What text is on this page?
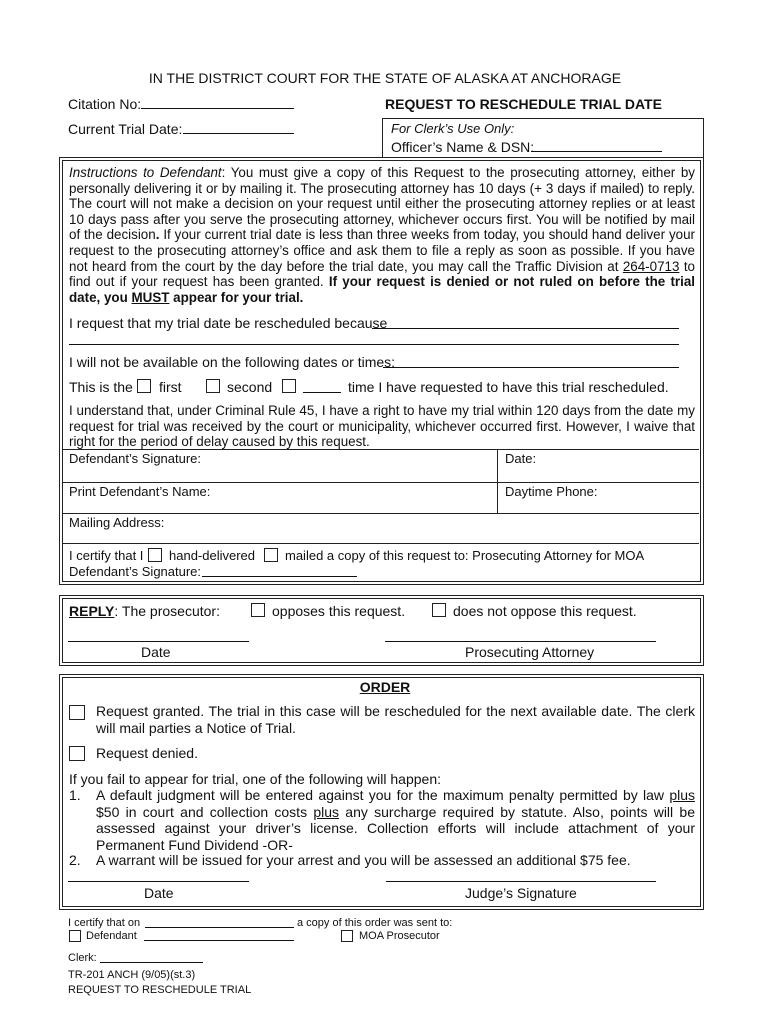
IN THE DISTRICT COURT FOR THE STATE OF ALASKA AT ANCHORAGE
Citation No:	REQUEST TO RESCHEDULE TRIAL DATE
Current Trial Date:	For Clerk’s Use Only:
Officer’s Name & DSN:
Instructions to Defendant: You must give a copy of this Request to the prosecuting attorney, either by
personally delivering it or by mailing it. The prosecuting attorney has 10 days (+ 3 days if mailed) to reply.
The court will not make a decision on your request until either the prosecuting attorney replies or at least
10 days pass after you serve the prosecuting attorney, whichever occurs first. You will be notified by mail
of the decision. If your current trial date is less than three weeks from today, you should hand deliver your
request to the prosecuting attorney’s office and ask them to file a reply as soon as possible. If you have
not heard from the court by the day before the trial date, you may call the Traffic Division at 264-0713 to
find out if your request has been granted. If your request is denied or not ruled on before the trial
date, you MUST appear for your trial.
I request that my trial date be rescheduled because
I will not be available on the following dates or times:
This is the first	second	time I have requested to have this trial rescheduled.
I understand that, under Criminal Rule 45, I have a right to have my trial within 120 days from the date my
request for trial was received by the court or municipality, whichever occurred first. However, I waive that
right for the period of delay caused by this request.
Defendant’s Signature:	Date:
Print Defendant’s Name:	Daytime Phone:
Mailing Address:
I certify that I hand-delivered mailed a copy of this request to: Prosecuting Attorney for MOA
Defendant’s Signature:
REPLY: The prosecutor:	opposes this request.	does not oppose this request.
Date	Prosecuting Attorney
ORDER
Request granted. The trial in this case will be rescheduled for the next available date. The clerk
will mail parties a Notice of Trial.
Request denied.
If you fail to appear for trial, one of the following will happen:
1. A default judgment will be entered against you for the maximum penalty permitted by law plus
$50 in court and collection costs plus any surcharge required by statute. Also, points will be
assessed against your driver’s license. Collection efforts will include attachment of your
Permanent Fund Dividend -OR-
2. A warrant will be issued for your arrest and you will be assessed an additional $75 fee.
Date	Judge’s Signature
I certify that on	a copy of this order was sent to:
Defendant	MOA Prosecutor
Clerk:
TR-201 ANCH (9/05)(st.3)
REQUEST TO RESCHEDULE TRIAL
